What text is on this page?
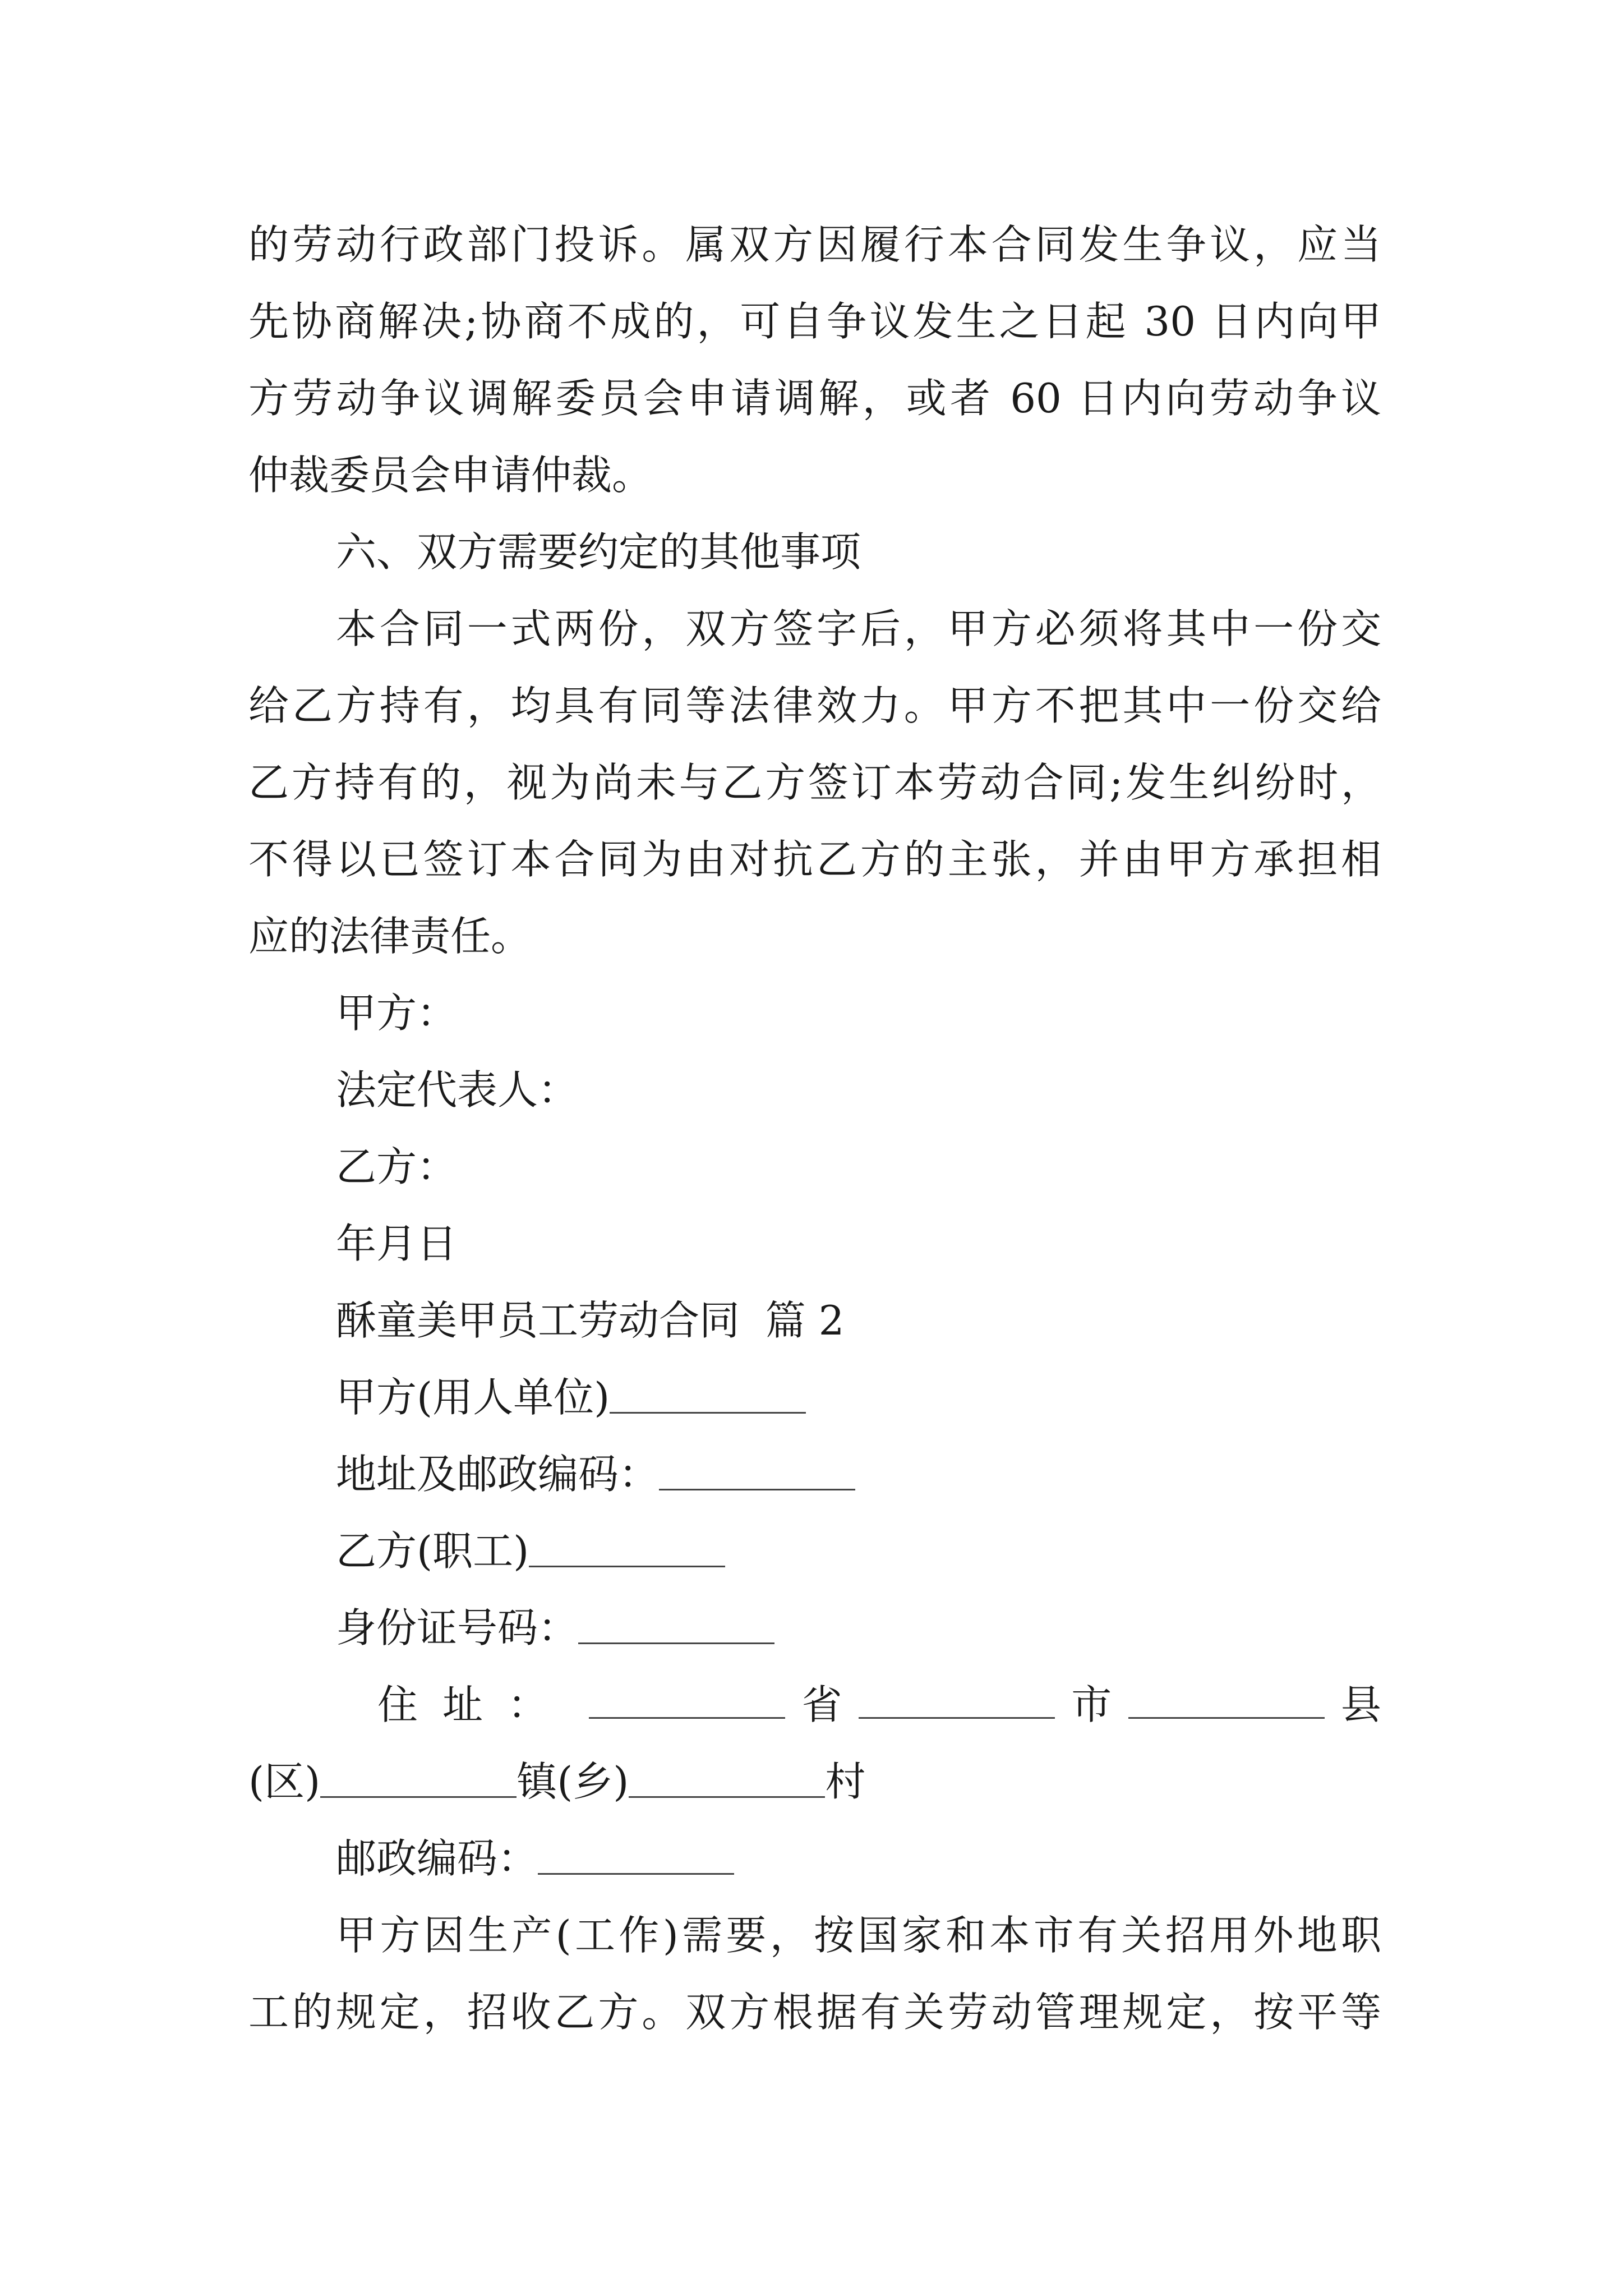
的劳动行政部门投诉。属双方因履行本合同发生争议，应当
先协商解决;协商不成的，可自争议发生之日起 30 日内向甲
方劳动争议调解委员会申请调解，或者 60 日内向劳动争议
仲裁委员会申请仲裁。
六、双方需要约定的其他事项
本合同一式两份，双方签字后，甲方必须将其中一份交
给乙方持有，均具有同等法律效力。甲方不把其中一份交给
乙方持有的，视为尚未与乙方签订本劳动合同;发生纠纷时，
不得以已签订本合同为由对抗乙方的主张，并由甲方承担相
应的法律责任。
甲方：
法定代表人：
乙方：
年月日
酥童美甲员工劳动合同  篇 2
甲方(用人单位)
地址及邮政编码：
乙方(职工)
身份证号码：
住址：	省	市	县
(区)	镇(乡)	村
邮政编码：
甲方因生产(工作)需要，按国家和本市有关招用外地职
工的规定，招收乙方。双方根据有关劳动管理规定，按平等
